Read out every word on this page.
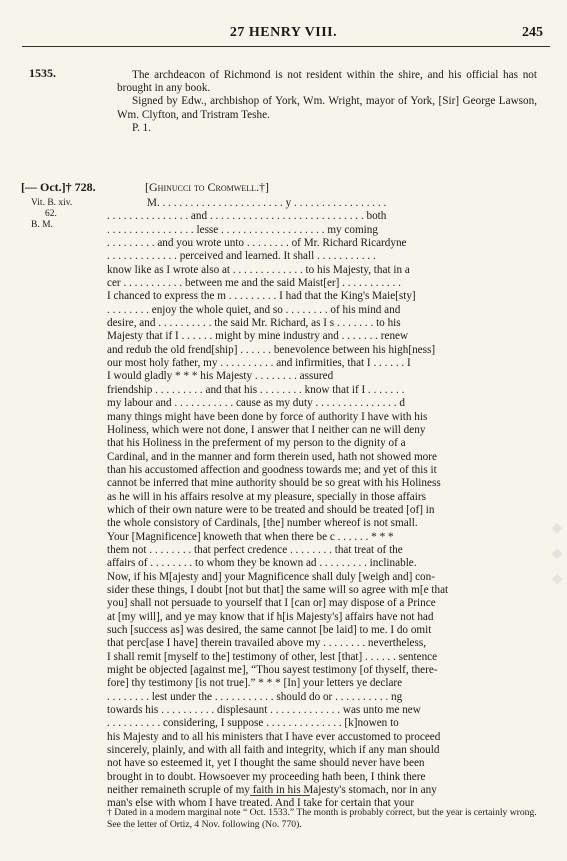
27 HENRY VIII.	245
1535.	The archdeacon of Richmond is not resident within the shire, and his official has not brought in any book.

Signed by Edw., archbishop of York, Wm. Wright, mayor of York, [Sir] George Lawson, Wm. Clyfton, and Tristram Teshe.

P. 1.

[— Oct.]† 728.	[Ghinucci to Cromwell.†]
Vit. B. xiv.
62.
B. M.
M. . . . . . . . . . . . . . . . . . . . . . . y . . . . . . . . . . . . . . . . .
. . . . . . . . . . . . . . . and . . . . . . . . . . . . . . . . . . . . . . . . . . . . both
. . . . . . . . . . . . . . . . lesse . . . . . . . . . . . . . . . . . . . my coming
. . . . . . . . . and you wrote unto . . . . . . . . of Mr. Richard Ricardyne
. . . . . . . . . . . . . perceived and learned. It shall . . . . . . . . . . .
know like as I wrote also at . . . . . . . . . . . . . to his Majesty, that in a
cer . . . . . . . . . . . between me and the said Maist[er] . . . . . . . . . . .
I chanced to express the m . . . . . . . . . I had that the King's Maie[sty]
. . . . . . . . enjoy the whole quiet, and so . . . . . . . . of his mind and
desire, and . . . . . . . . . . the said Mr. Richard, as I s . . . . . . . to his
Majesty that if I . . . . . . might by mine industry and . . . . . . . renew
and redub the old frend[ship] . . . . . . benevolence between his high[ness]
our most holy father, my . . . . . . . . . . and infirmities, that I . . . . . . I
I would gladly * * * his Majesty . . . . . . . . assured
friendship . . . . . . . . . and that his . . . . . . . . know that if I . . . . . . .
my labour and . . . . . . . . . . . cause as my duty . . . . . . . . . . . . . . . d
many things might have been done by force of authority I have with his
Holiness, which were not done, I answer that I neither can ne will deny
that his Holiness in the preferment of my person to the dignity of a
Cardinal, and in the manner and form therein used, hath not showed more
than his accustomed affection and goodness towards me; and yet of this it
cannot be inferred that mine authority should be so great with his Holiness
as he will in his affairs resolve at my pleasure, specially in those affairs
which of their own nature were to be treated and should be treated [of] in
the whole consistory of Cardinals, [the] number whereof is not small.
Your [Magnificence] knoweth that when there be c . . . . . . * * *
them not . . . . . . . . that perfect credence . . . . . . . . that treat of the
affairs of . . . . . . . . to whom they be known ad . . . . . . . . . inclinable.
Now, if his M[ajesty and] your Magnificence shall duly [weigh and] con-
sider these things, I doubt [not but that] the same will so agree with m[e that
you] shall not persuade to yourself that I [can or] may dispose of a Prince
at [my will], and ye may know that if h[is Majesty's] affairs have not had
such [success as] was desired, the same cannot [be laid] to me. I do omit
that perc[ase I have] therein travailed above my . . . . . . . . nevertheless,
I shall remit [myself to the] testimony of other, lest [that] . . . . . . sentence
might be objected [against me], “Thou sayest testimony [of thyself, there-
fore] thy testimony [is not true].” * * * [In] your letters ye declare
. . . . . . . . lest under the . . . . . . . . . . . should do or . . . . . . . . . . ng
towards his . . . . . . . . . . displesaunt . . . . . . . . . . . . . was unto me new
. . . . . . . . . . considering, I suppose . . . . . . . . . . . . . . [k]nowen to
his Majesty and to all his ministers that I have ever accustomed to proceed
sincerely, plainly, and with all faith and integrity, which if any man should
not have so esteemed it, yet I thought the same should never have been
brought in to doubt. Howsoever my proceeding hath been, I think there
neither remaineth scruple of my faith in his Majesty's stomach, nor in any
man's else with whom I have treated. And I take for certain that your
† Dated in a modern marginal note “ Oct. 1533.” The month is probably correct, but the year is certainly wrong. See the letter of Ortiz, 4 Nov. following (No. 770).
◆ ◆ ◆
